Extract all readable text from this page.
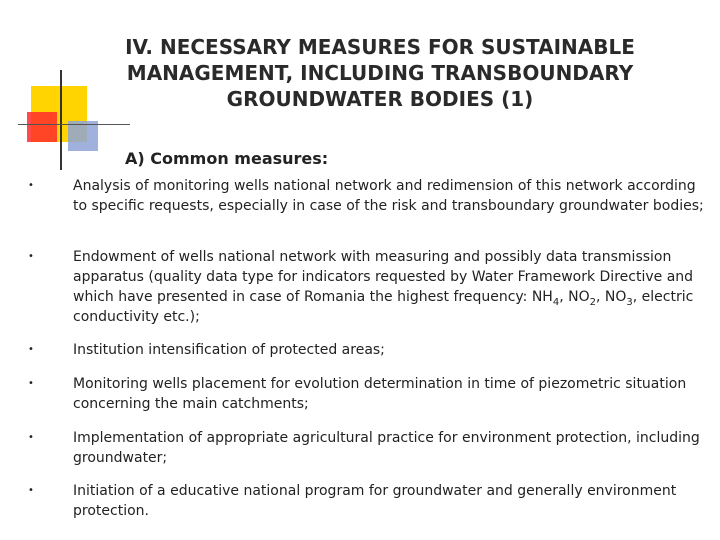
IV. NECESSARY MEASURES FOR SUSTAINABLE
MANAGEMENT, INCLUDING TRANSBOUNDARY
GROUNDWATER BODIES (1)
A) Common measures:
•	Analysis of monitoring wells national network and redimension of this network according to specific requests, especially in case of the risk and transboundary groundwater bodies;
•	Endowment of wells national network with measuring and possibly data transmission apparatus (quality data type for indicators requested by Water Framework Directive and which have presented in case of Romania the highest frequency: $NH_4$, $NO_2$, $NO_3$, electric conductivity etc.);
•	Institution intensification of protected areas;
•	Monitoring wells placement for evolution determination in time of piezometric situation concerning the main catchments;
•	Implementation of appropriate agricultural practice for environment protection, including groundwater;
•	Initiation of a educative national program for groundwater and generally environment protection.
